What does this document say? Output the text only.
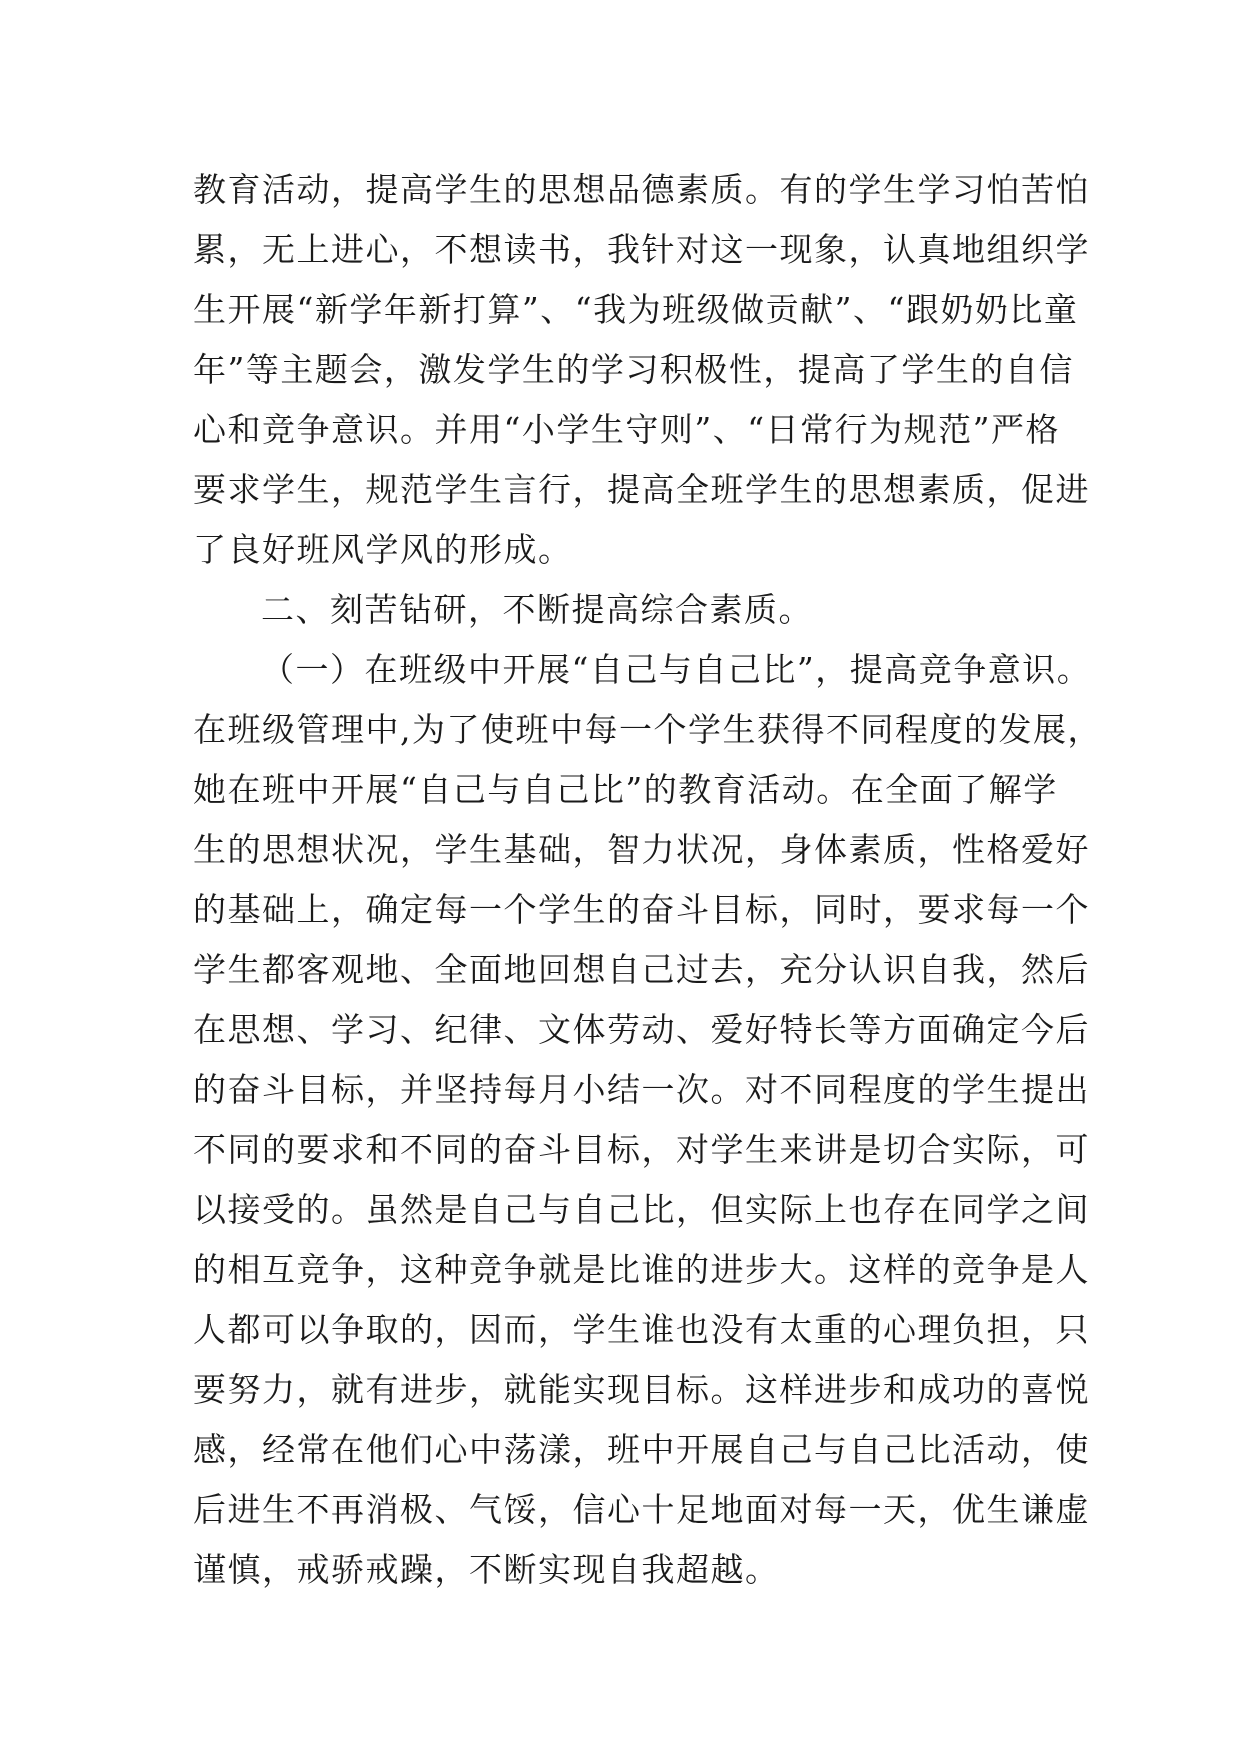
教育活动，提高学生的思想品德素质。有的学生学习怕苦怕
累，无上进心，不想读书，我针对这一现象，认真地组织学
生开展“新学年新打算”、“我为班级做贡献”、“跟奶奶比童
年”等主题会，激发学生的学习积极性，提高了学生的自信
心和竞争意识。并用“小学生守则”、“日常行为规范”严格
要求学生，规范学生言行，提高全班学生的思想素质，促进
了良好班风学风的形成。
二、刻苦钻研，不断提高综合素质。
（一）在班级中开展“自己与自己比”，提高竞争意识。
在班级管理中,为了使班中每一个学生获得不同程度的发展，
她在班中开展“自己与自己比”的教育活动。在全面了解学
生的思想状况，学生基础，智力状况，身体素质，性格爱好
的基础上，确定每一个学生的奋斗目标，同时，要求每一个
学生都客观地、全面地回想自己过去，充分认识自我，然后
在思想、学习、纪律、文体劳动、爱好特长等方面确定今后
的奋斗目标，并坚持每月小结一次。对不同程度的学生提出
不同的要求和不同的奋斗目标，对学生来讲是切合实际，可
以接受的。虽然是自己与自己比，但实际上也存在同学之间
的相互竞争，这种竞争就是比谁的进步大。这样的竞争是人
人都可以争取的，因而，学生谁也没有太重的心理负担，只
要努力，就有进步，就能实现目标。这样进步和成功的喜悦
感，经常在他们心中荡漾，班中开展自己与自己比活动，使
后进生不再消极、气馁，信心十足地面对每一天，优生谦虚
谨慎，戒骄戒躁，不断实现自我超越。
